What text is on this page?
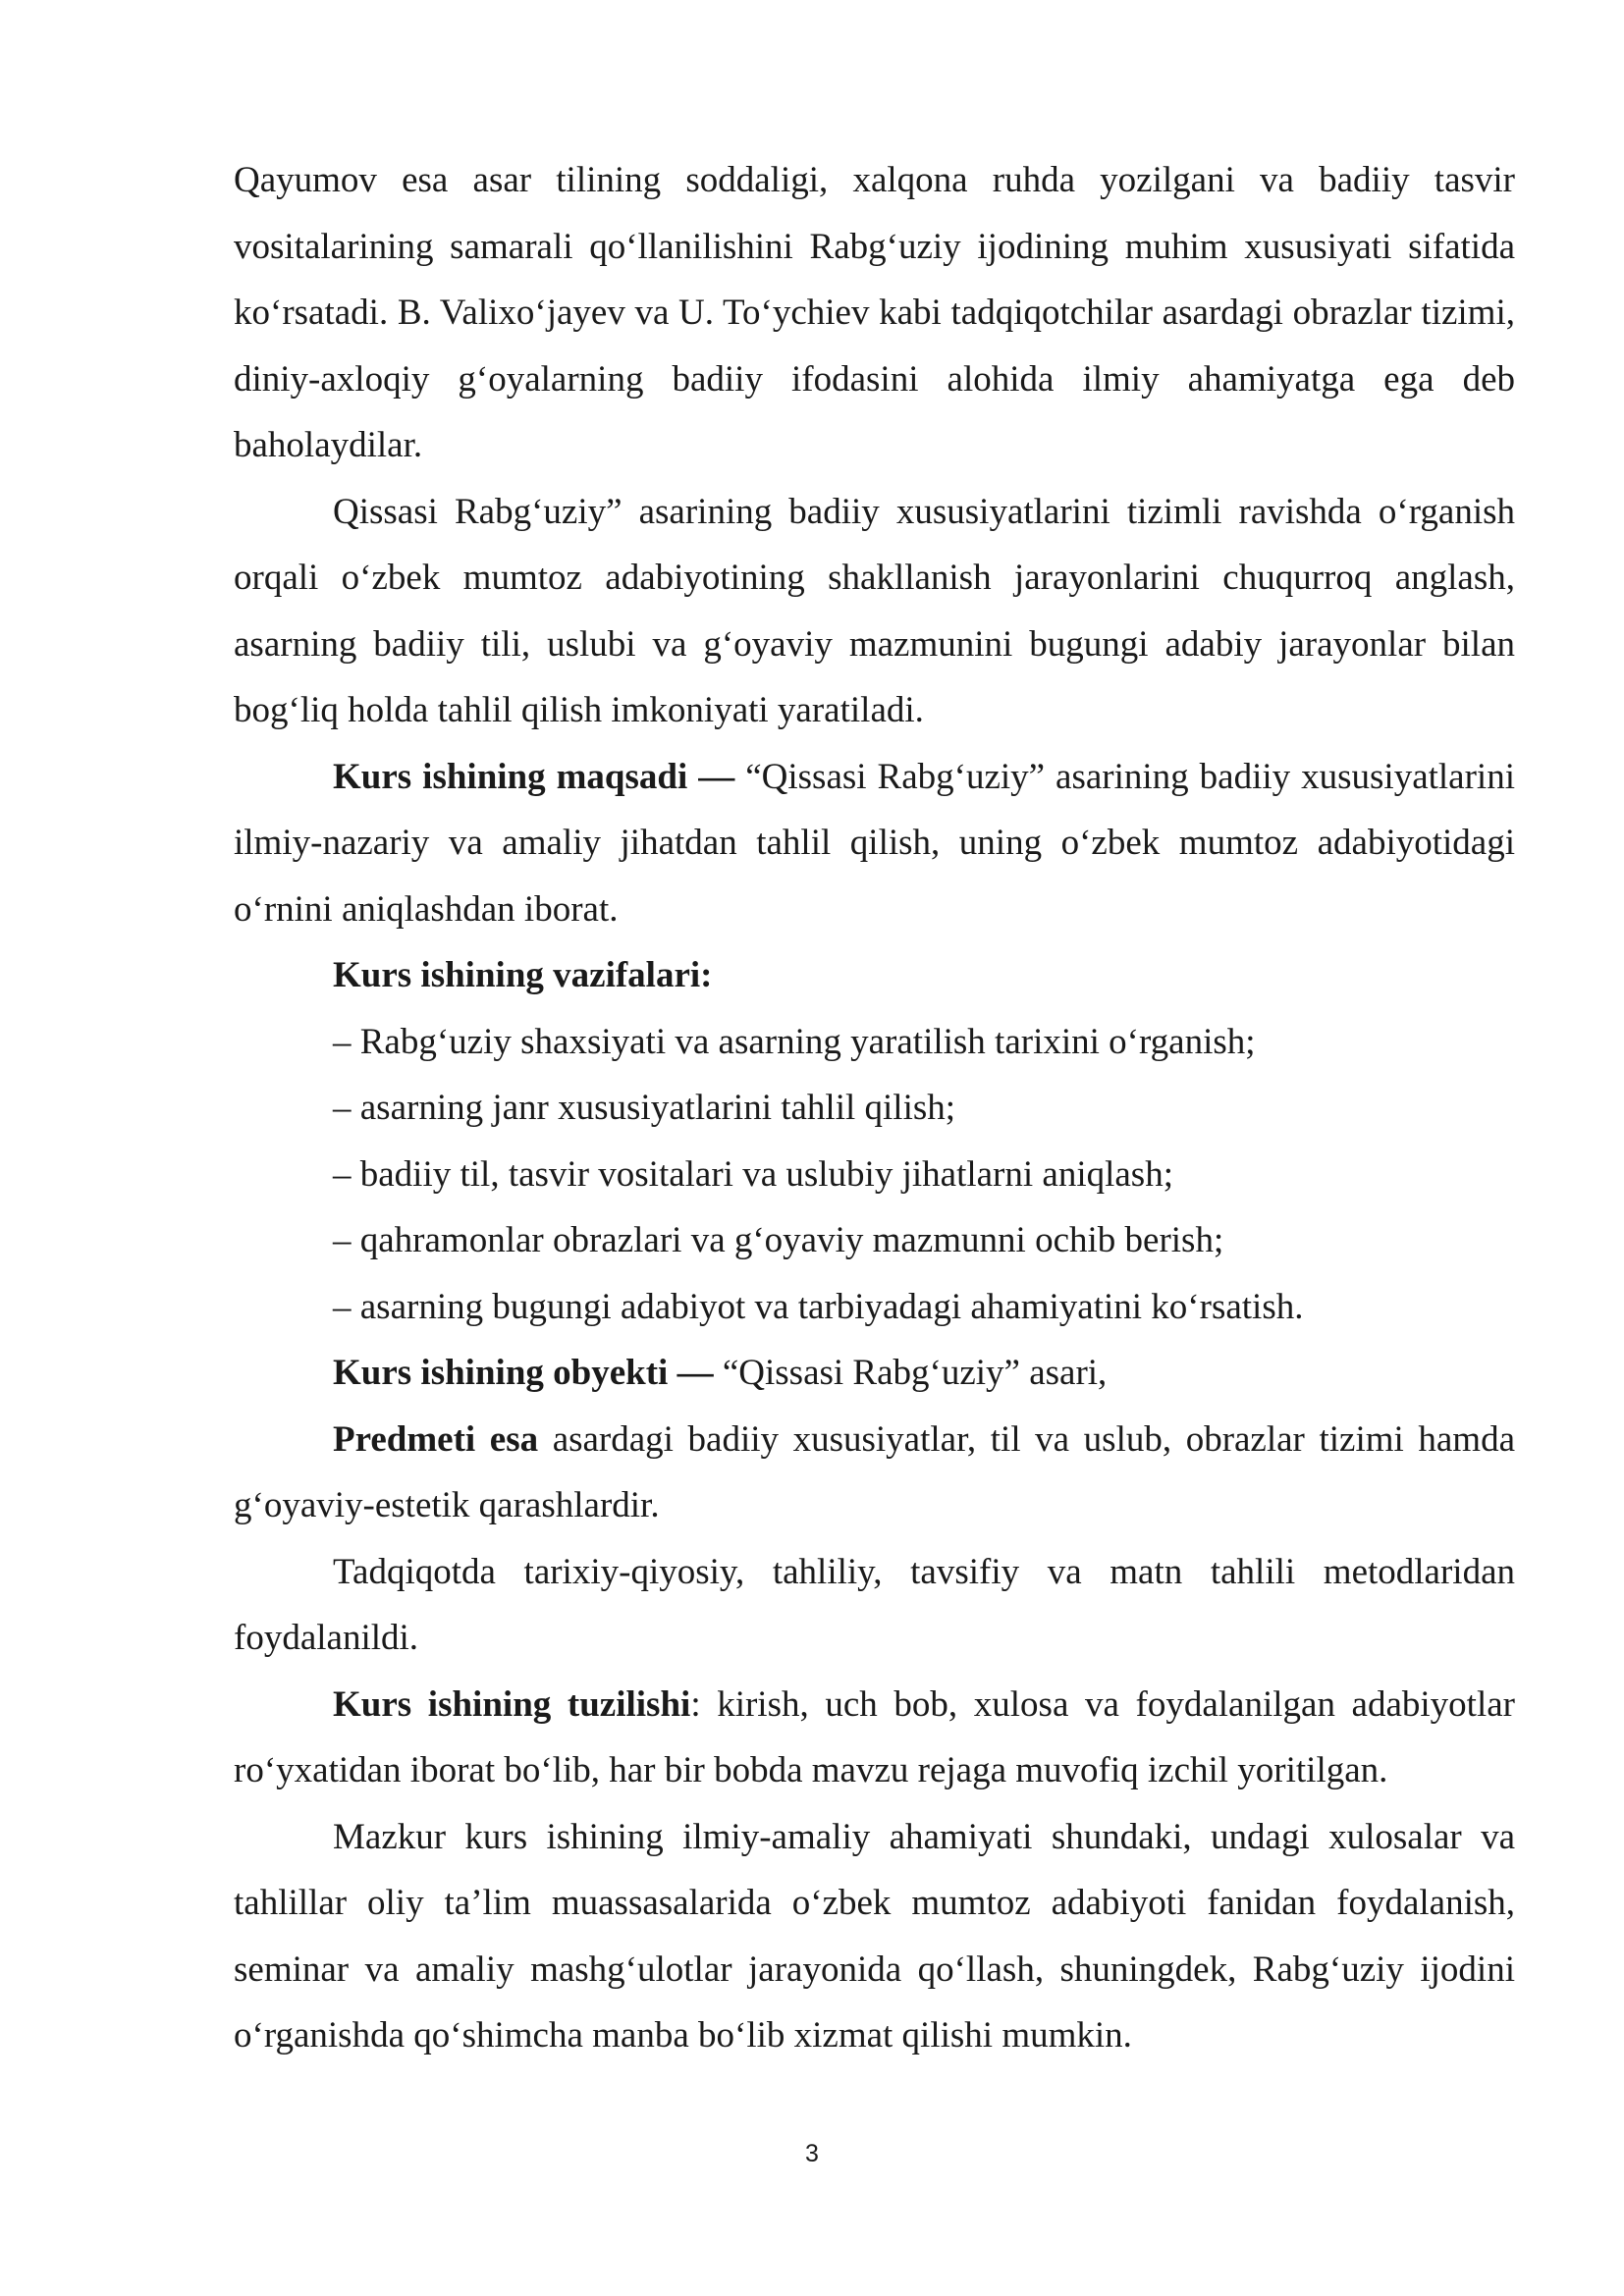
Qayumov esa asar tilining soddaligi, xalqona ruhda yozilgani va badiiy tasvir vositalarining samarali qo‘llanilishini Rabg‘uziy ijodining muhim xususiyati sifatida ko‘rsatadi. B. Valixo‘jayev va U. To‘ychiev kabi tadqiqotchilar asardagi obrazlar tizimi, diniy-axloqiy g‘oyalarning badiiy ifodasini alohida ilmiy ahamiyatga ega deb baholaydilar.

Qissasi Rabg‘uziy” asarining badiiy xususiyatlarini tizimli ravishda o‘rganish orqali o‘zbek mumtoz adabiyotining shakllanish jarayonlarini chuqurroq anglash, asarning badiiy tili, uslubi va g‘oyaviy mazmunini bugungi adabiy jarayonlar bilan bog‘liq holda tahlil qilish imkoniyati yaratiladi.

Kurs ishining maqsadi — “Qissasi Rabg‘uziy” asarining badiiy xususiyatlarini ilmiy-nazariy va amaliy jihatdan tahlil qilish, uning o‘zbek mumtoz adabiyotidagi o‘rnini aniqlashdan iborat.

Kurs ishining vazifalari:

– Rabg‘uziy shaxsiyati va asarning yaratilish tarixini o‘rganish;

– asarning janr xususiyatlarini tahlil qilish;

– badiiy til, tasvir vositalari va uslubiy jihatlarni aniqlash;

– qahramonlar obrazlari va g‘oyaviy mazmunni ochib berish;

– asarning bugungi adabiyot va tarbiyadagi ahamiyatini ko‘rsatish.

Kurs ishining obyekti — “Qissasi Rabg‘uziy” asari,

Predmeti esa asardagi badiiy xususiyatlar, til va uslub, obrazlar tizimi hamda g‘oyaviy-estetik qarashlardir.

Tadqiqotda tarixiy-qiyosiy, tahliliy, tavsifiy va matn tahlili metodlaridan foydalanildi.

Kurs ishining tuzilishi: kirish, uch bob, xulosa va foydalanilgan adabiyotlar ro‘yxatidan iborat bo‘lib, har bir bobda mavzu rejaga muvofiq izchil yoritilgan.

Mazkur kurs ishining ilmiy-amaliy ahamiyati shundaki, undagi xulosalar va tahlillar oliy ta’lim muassasalarida o‘zbek mumtoz adabiyoti fanidan foydalanish, seminar va amaliy mashg‘ulotlar jarayonida qo‘llash, shuningdek, Rabg‘uziy ijodini o‘rganishda qo‘shimcha manba bo‘lib xizmat qilishi mumkin.

3
